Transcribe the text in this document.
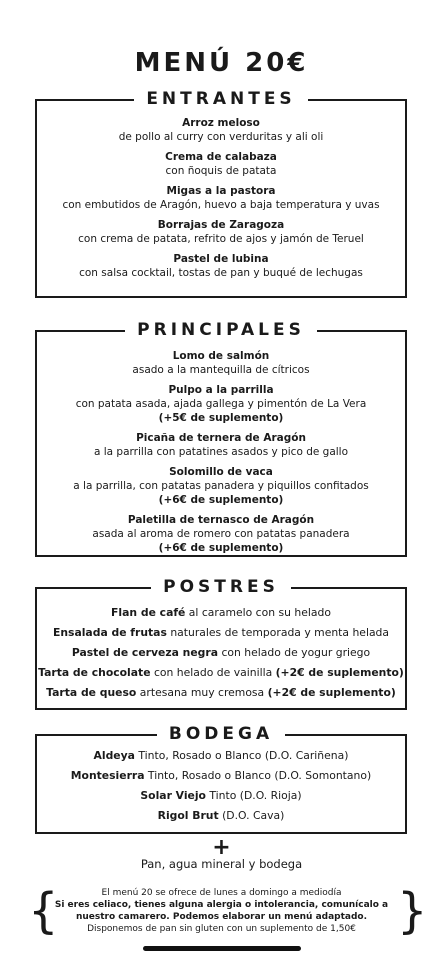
MENÚ 20€
ENTRANTES
Arroz meloso
de pollo al curry con verduritas y ali oli
Crema de calabaza
con ñoquis de patata
Migas a la pastora
con embutidos de Aragón, huevo a baja temperatura y uvas
Borrajas de Zaragoza
con crema de patata, refrito de ajos y jamón de Teruel
Pastel de lubina
con salsa cocktail, tostas de pan y buqué de lechugas
PRINCIPALES
Lomo de salmón
asado a la mantequilla de cítricos
Pulpo a la parrilla
con patata asada, ajada gallega y pimentón de La Vera
(+5€ de suplemento)
Picaña de ternera de Aragón
a la parrilla con patatines asados y pico de gallo
Solomillo de vaca
a la parrilla, con patatas panadera y piquillos confitados
(+6€ de suplemento)
Paletilla de ternasco de Aragón
asada al aroma de romero con patatas panadera
(+6€ de suplemento)
POSTRES
Flan de café al caramelo con su helado
Ensalada de frutas naturales de temporada y menta helada
Pastel de cerveza negra con helado de yogur griego
Tarta de chocolate con helado de vainilla (+2€ de suplemento)
Tarta de queso artesana muy cremosa (+2€ de suplemento)
BODEGA
Aldeya Tinto, Rosado o Blanco (D.O. Cariñena)
Montesierra Tinto, Rosado o Blanco (D.O. Somontano)
Solar Viejo Tinto (D.O. Rioja)
Rigol Brut (D.O. Cava)
+
Pan, agua mineral y bodega
{	El menú 20 se ofrece de lunes a domingo a mediodía
Si eres celiaco, tienes alguna alergia o intolerancia, comunícalo a nuestro camarero. Podemos elaborar un menú adaptado.
Disponemos de pan sin gluten con un suplemento de 1,50€ }
